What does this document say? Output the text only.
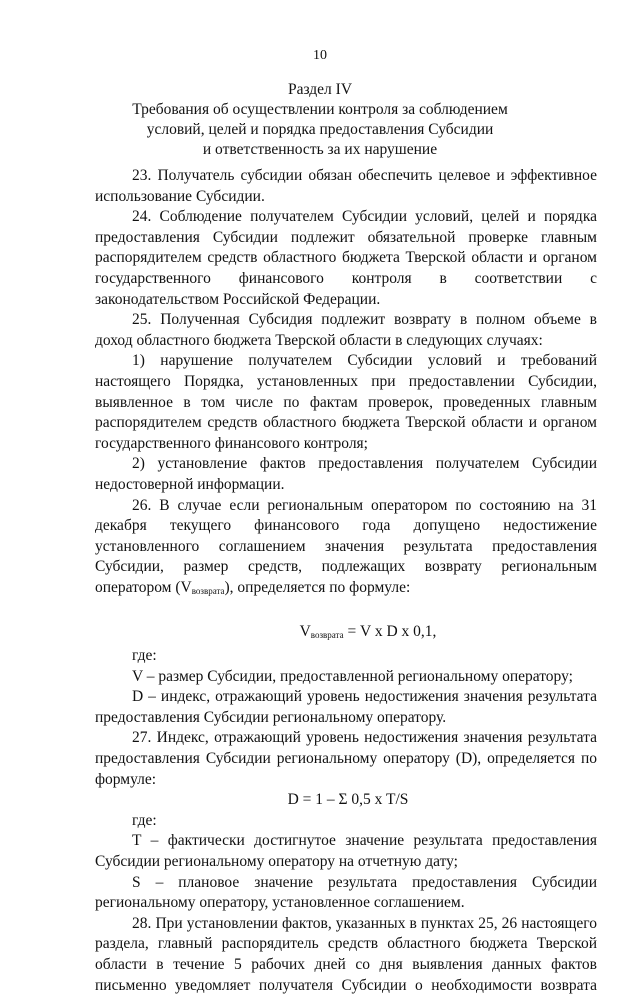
10
Раздел IV
Требования об осуществлении контроля за соблюдением
условий, целей и порядка предоставления Субсидии
и ответственность за их нарушение

23. Получатель субсидии обязан обеспечить целевое и эффективное использование Субсидии.

24. Соблюдение получателем Субсидии условий, целей и порядка предоставления Субсидии подлежит обязательной проверке главным распорядителем средств областного бюджета Тверской области и органом государственного финансового контроля в соответствии с законодательством Российской Федерации.

25. Полученная Субсидия подлежит возврату в полном объеме в доход областного бюджета Тверской области в следующих случаях:

1) нарушение получателем Субсидии условий и требований настоящего Порядка, установленных при предоставлении Субсидии, выявленное в том числе по фактам проверок, проведенных главным распорядителем средств областного бюджета Тверской области и органом государственного финансового контроля;

2) установление фактов предоставления получателем Субсидии недостоверной информации.

26. В случае если региональным оператором по состоянию на 31 декабря текущего финансового года допущено недостижение установленного соглашением значения результата предоставления Субсидии, размер средств, подлежащих возврату региональным оператором $(V_{возврата})$, определяется по формуле:

$V_{возврата} = V$ x D x 0,1,

где:

V – размер Субсидии, предоставленной региональному оператору;

D – индекс, отражающий уровень недостижения значения результата предоставления Субсидии региональному оператору.

27. Индекс, отражающий уровень недостижения значения результата предоставления Субсидии региональному оператору (D), определяется по формуле:

D = 1 – Σ 0,5 x T/S

где:

T – фактически достигнутое значение результата предоставления Субсидии региональному оператору на отчетную дату;

S – плановое значение результата предоставления Субсидии региональному оператору, установленное соглашением.

28. При установлении фактов, указанных в пунктах 25, 26 настоящего раздела, главный распорядитель средств областного бюджета Тверской области в течение 5 рабочих дней со дня выявления данных фактов письменно уведомляет получателя Субсидии о необходимости возврата
